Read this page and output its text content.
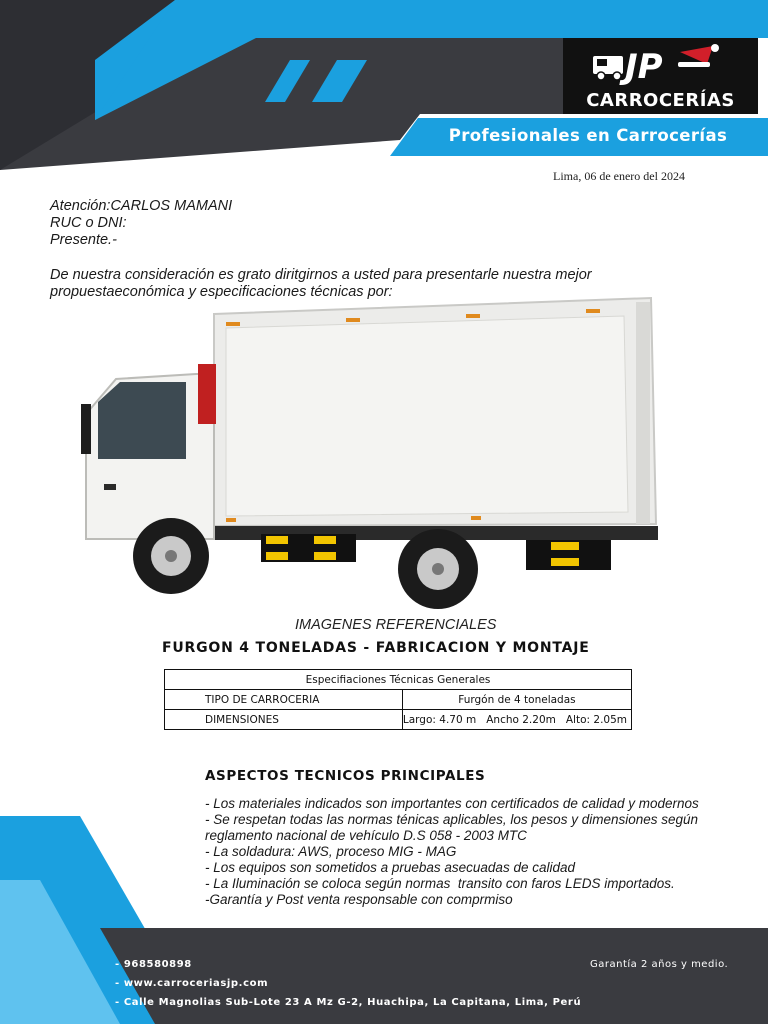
JP
CARROCERÍAS
Profesionales en Carrocerías
Lima, 06 de enero del 2024
Atención:CARLOS MAMANI
RUC o DNI:
Presente.-
De nuestra consideración es grato diritgirnos a usted para presentarle nuestra mejor
propuestaeconómica y especificaciones técnicas por:
IMAGENES REFERENCIALES
FURGON 4 TONELADAS - FABRICACION Y MONTAJE
Especifiaciones Técnicas Generales	
TIPO DE CARROCERIA	Furgón de 4 toneladas
DIMENSIONES	Largo: 4.70 m   Ancho 2.20m   Alto: 2.05m
ASPECTOS TECNICOS PRINCIPALES
- Los materiales indicados son importantes con certificados de calidad y modernos
- Se respetan todas las normas ténicas aplicables, los pesos y dimensiones según
reglamento nacional de vehículo D.S 058 - 2003 MTC
- La soldadura: AWS, proceso MIG - MAG
- Los equipos son sometidos a pruebas asecuadas de calidad
- La Iluminación se coloca según normas  transito con faros LEDS importados.
-Garantía y Post venta responsable con comprmiso
- 968580898
- www.carroceriasjp.com
- Calle Magnolias Sub-Lote 23 A Mz G-2, Huachipa, La Capitana, Lima, Perú
Garantía 2 años y medio.
